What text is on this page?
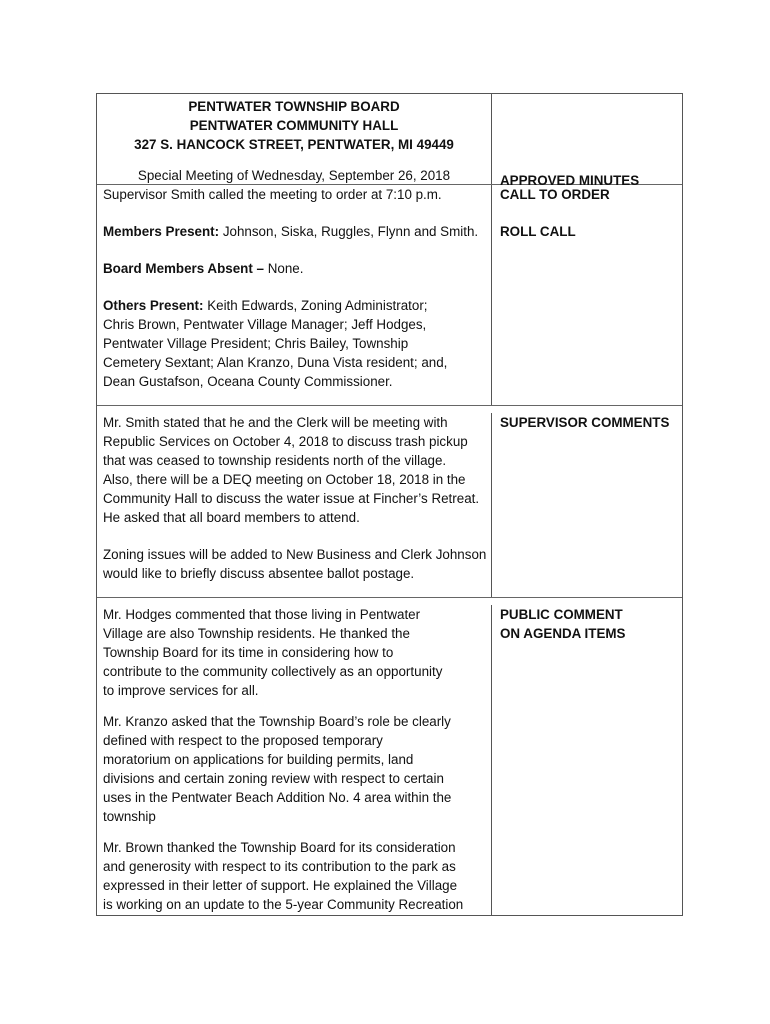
PENTWATER TOWNSHIP BOARD
PENTWATER COMMUNITY HALL
327 S. HANCOCK STREET, PENTWATER, MI 49449
Special Meeting of Wednesday, September 26, 2018	APPROVED MINUTES
Supervisor Smith called the meeting to order at 7:10 p.m.
Members Present: Johnson, Siska, Ruggles, Flynn and Smith.
Board Members Absent – None.
Others Present: Keith Edwards, Zoning Administrator;
Chris Brown, Pentwater Village Manager; Jeff Hodges,
Pentwater Village President; Chris Bailey, Township
Cemetery Sextant; Alan Kranzo, Duna Vista resident; and,
Dean Gustafson, Oceana County Commissioner.
CALL TO ORDER
ROLL CALL
Mr. Smith stated that he and the Clerk will be meeting with
Republic Services on October 4, 2018 to discuss trash pickup
that was ceased to township residents north of the village.
Also, there will be a DEQ meeting on October 18, 2018 in the
Community Hall to discuss the water issue at Fincher’s Retreat.
He asked that all board members to attend.
Zoning issues will be added to New Business and Clerk Johnson
would like to briefly discuss absentee ballot postage.
SUPERVISOR COMMENTS
Mr. Hodges commented that those living in Pentwater
Village are also Township residents. He thanked the
Township Board for its time in considering how to
contribute to the community collectively as an opportunity
to improve services for all.
Mr. Kranzo asked that the Township Board’s role be clearly
defined with respect to the proposed temporary
moratorium on applications for building permits, land
divisions and certain zoning review with respect to certain
uses in the Pentwater Beach Addition No. 4 area within the
township
Mr. Brown thanked the Township Board for its consideration
and generosity with respect to its contribution to the park as
expressed in their letter of support. He explained the Village
is working on an update to the 5-year Community Recreation
PUBLIC COMMENT
ON AGENDA ITEMS
